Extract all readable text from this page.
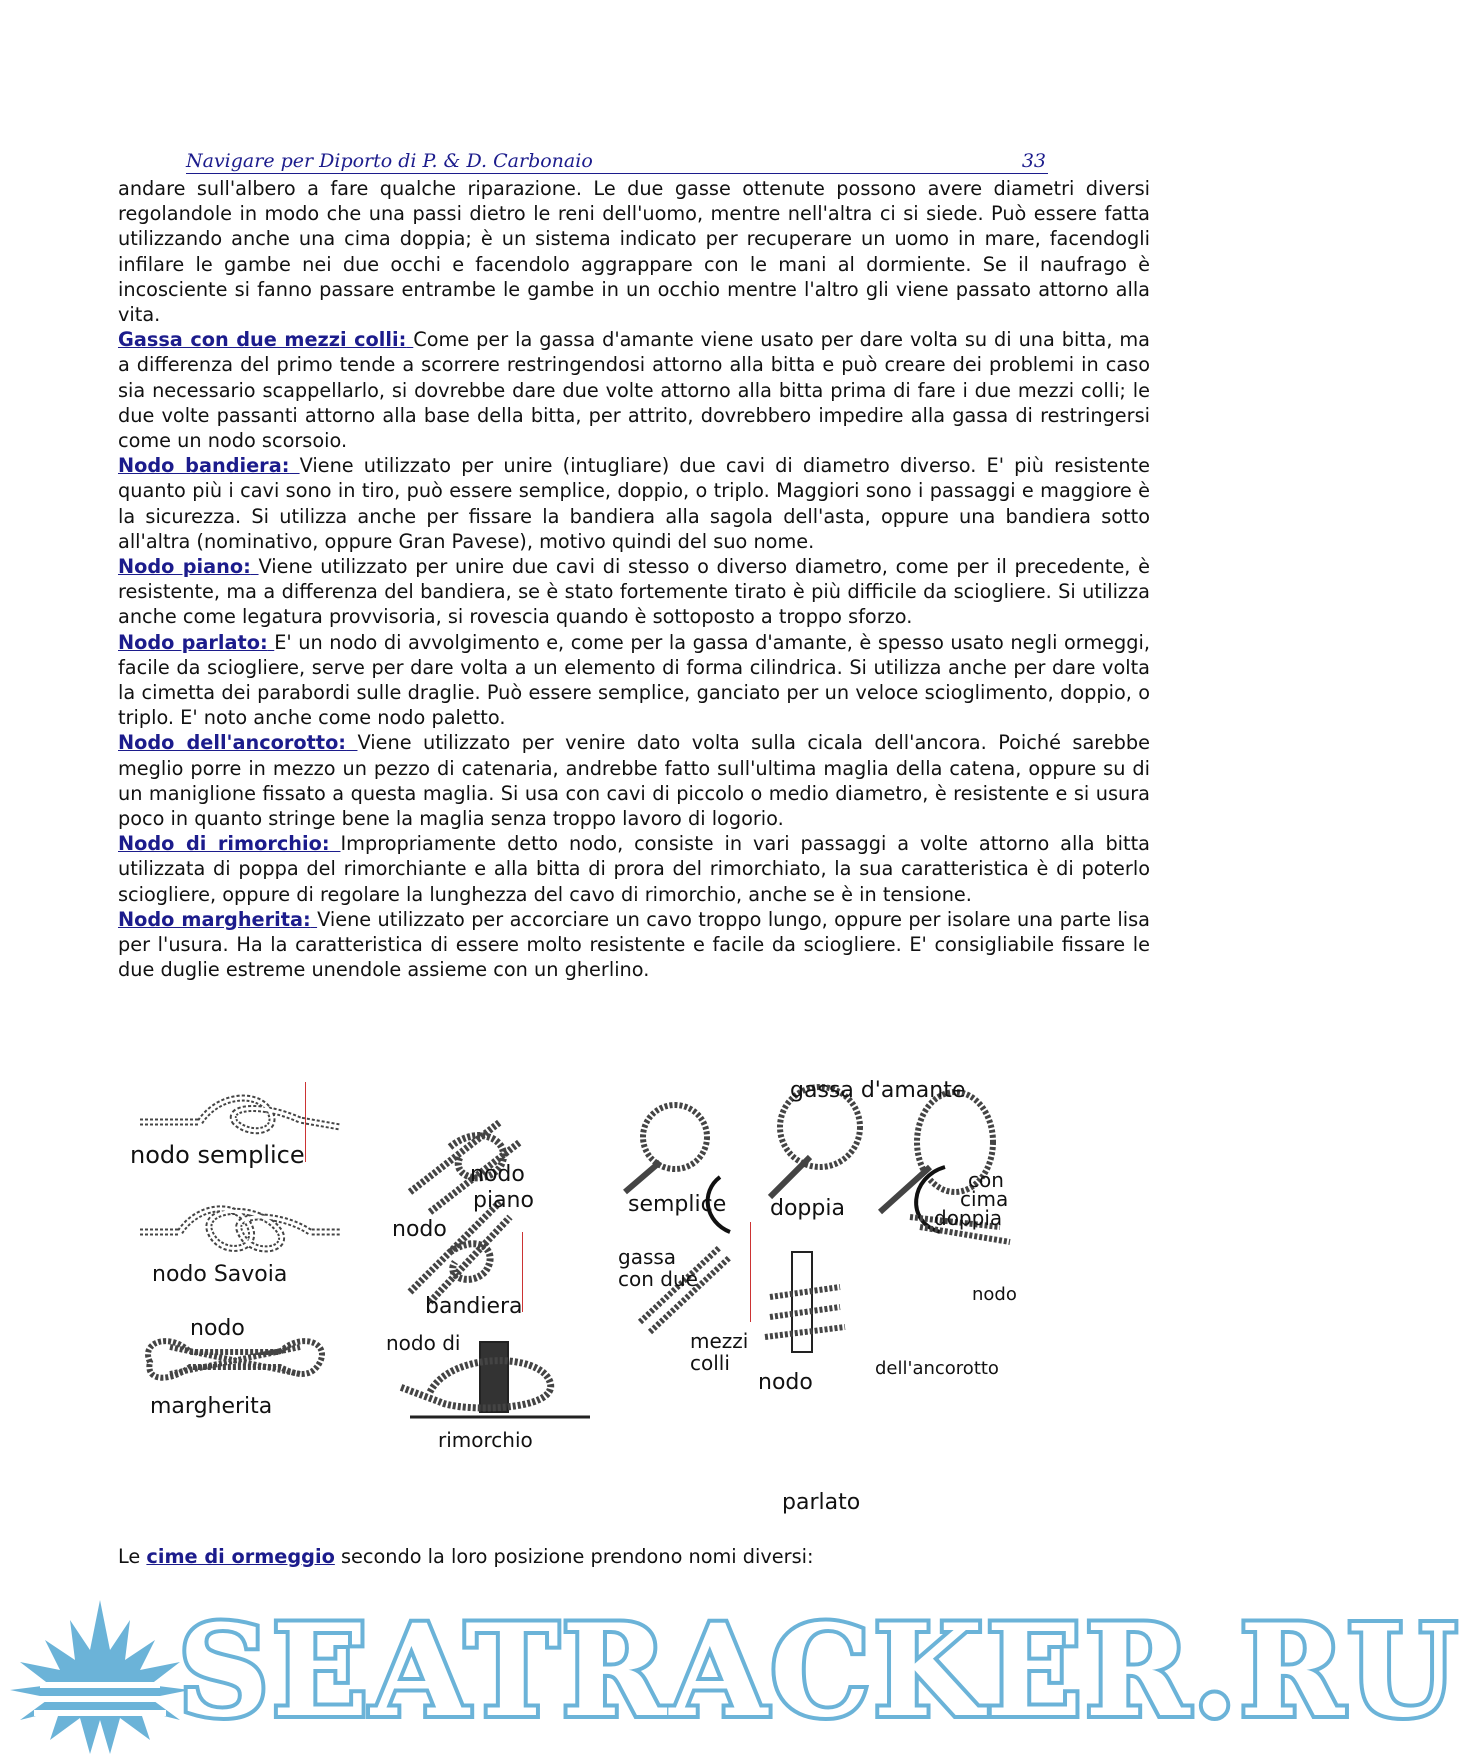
Navigare per Diporto di P. & D. Carbonaio	33

andare sull'albero a fare qualche riparazione. Le due gasse ottenute possono avere diametri diversi regolandole in modo che una passi dietro le reni dell'uomo, mentre nell'altra ci si siede. Può essere fatta utilizzando anche una cima doppia; è un sistema indicato per recuperare un uomo in mare, facendogli infilare le gambe nei due occhi e facendolo aggrappare con le mani al dormiente. Se il naufrago è incosciente si fanno passare entrambe le gambe in un occhio mentre l'altro gli viene passato attorno alla vita.

Gassa con due mezzi colli: Come per la gassa d'amante viene usato per dare volta su di una bitta, ma a differenza del primo tende a scorrere restringendosi attorno alla bitta e può creare dei problemi in caso sia necessario scappellarlo, si dovrebbe dare due volte attorno alla bitta prima di fare i due mezzi colli; le due volte passanti attorno alla base della bitta, per attrito, dovrebbero impedire alla gassa di restringersi come un nodo scorsoio.

Nodo bandiera: Viene utilizzato per unire (intugliare) due cavi di diametro diverso. E' più resistente quanto più i cavi sono in tiro, può essere semplice, doppio, o triplo. Maggiori sono i passaggi e maggiore è la sicurezza. Si utilizza anche per fissare la bandiera alla sagola dell'asta, oppure una bandiera sotto all'altra (nominativo, oppure Gran Pavese), motivo quindi del suo nome.

Nodo piano: Viene utilizzato per unire due cavi di stesso o diverso diametro, come per il precedente, è resistente, ma a differenza del bandiera, se è stato fortemente tirato è più difficile da sciogliere. Si utilizza anche come legatura provvisoria, si rovescia quando è sottoposto a troppo sforzo.

Nodo parlato: E' un nodo di avvolgimento e, come per la gassa d'amante, è spesso usato negli ormeggi, facile da sciogliere, serve per dare volta a un elemento di forma cilindrica. Si utilizza anche per dare volta la cimetta dei parabordi sulle draglie. Può essere semplice, ganciato per un veloce scioglimento, doppio, o triplo. E' noto anche come nodo paletto.

Nodo dell'ancorotto: Viene utilizzato per venire dato volta sulla cicala dell'ancora. Poiché sarebbe meglio porre in mezzo un pezzo di catenaria, andrebbe fatto sull'ultima maglia della catena, oppure su di un maniglione fissato a questa maglia. Si usa con cavi di piccolo o medio diametro, è resistente e si usura poco in quanto stringe bene la maglia senza troppo lavoro di logorio.

Nodo di rimorchio: Impropriamente detto nodo, consiste in vari passaggi a volte attorno alla bitta utilizzata di poppa del rimorchiante e alla bitta di prora del rimorchiato, la sua caratteristica è di poterlo sciogliere, oppure di regolare la lunghezza del cavo di rimorchio, anche se è in tensione.

Nodo margherita: Viene utilizzato per accorciare un cavo troppo lungo, oppure per isolare una parte lisa per l'usura. Ha la caratteristica di essere molto resistente e facile da sciogliere. E' consigliabile fissare le due duglie estreme unendole assieme con un gherlino.

nodo semplice
nodo Savoia
nodo
margherita
nodo
piano
nodo
bandiera
nodo di
rimorchio
gassa d'amante
semplice doppia
con
cima
doppia
gassa
con due
mezzi
colli
nodo
dell'ancorotto
nodo
parlato
Le cime di ormeggio secondo la loro posizione prendono nomi diversi:
SEATRACKER.RU
